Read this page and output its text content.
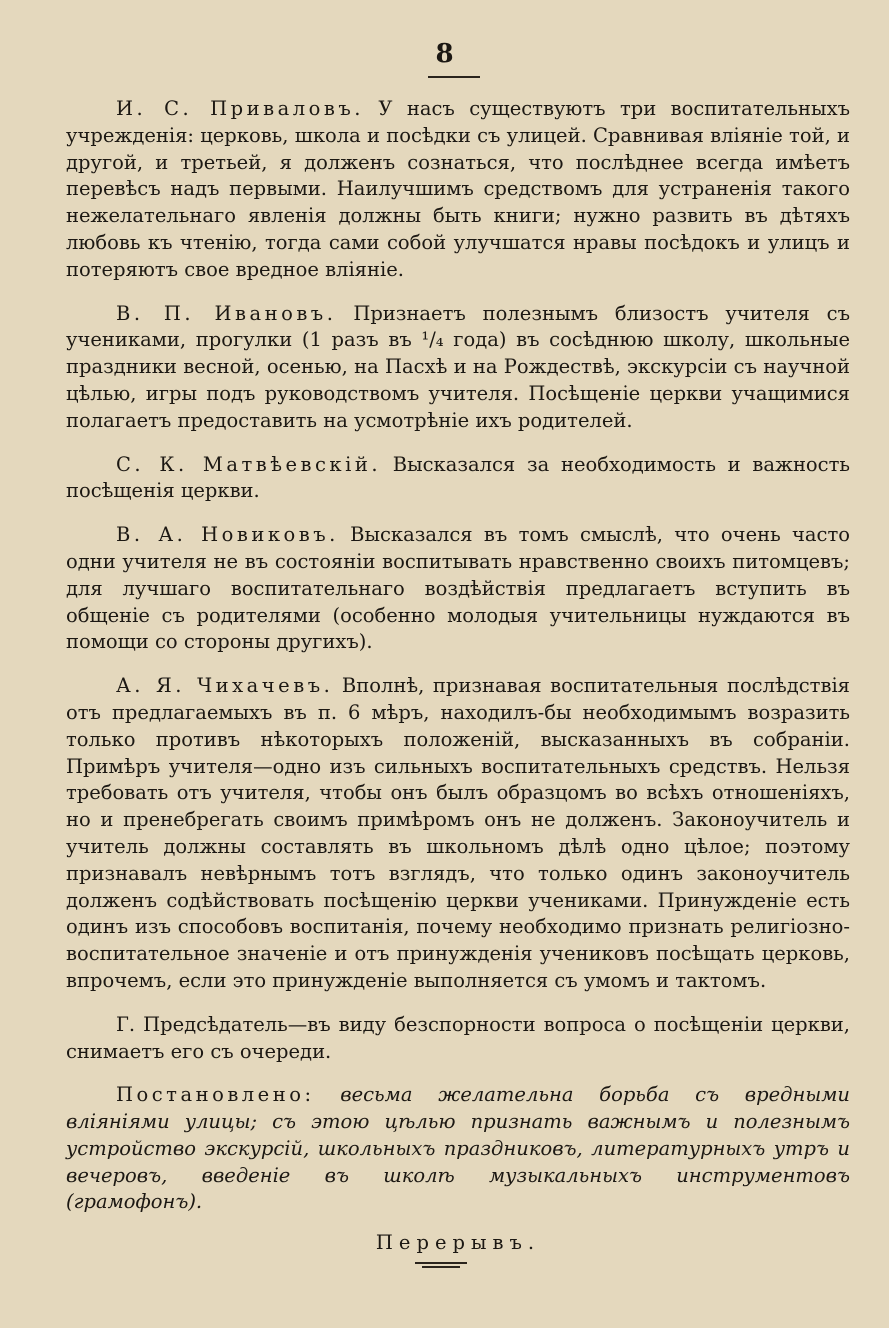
8

И. С. Приваловъ. У насъ существуютъ три воспитательныхъ учрежденія: церковь, школа и посѣдки съ улицей. Сравнивая вліяніе той, и другой, и третьей, я долженъ сознаться, что послѣднее всегда имѣетъ перевѣсъ надъ первыми. Наилучшимъ средствомъ для устраненія такого нежелательнаго явленія должны быть книги; нужно развить въ дѣтяхъ любовь къ чтенію, тогда сами собой улучшатся нравы посѣдокъ и улицъ и потеряютъ свое вредное вліяніе.

В. П. Ивановъ. Признаетъ полезнымъ близостъ учителя съ учениками, прогулки (1 разъ въ ¹/₄ года) въ сосѣднюю школу, школьные праздники весной, осенью, на Пасхѣ и на Рождествѣ, экскурсіи съ научной цѣлью, игры подъ руководствомъ учителя. Посѣщеніе церкви учащимися полагаетъ предоставить на усмотрѣніе ихъ родителей.

С. К. Матвѣевскій. Высказался за необходимость и важность посѣщенія церкви.

В. А. Новиковъ. Высказался въ томъ смыслѣ, что очень часто одни учителя не въ состояніи воспитывать нравственно своихъ питомцевъ; для лучшаго воспитательнаго воздѣйствія предлагаетъ вступить въ общеніе съ родителями (особенно молодыя учительницы нуждаются въ помощи со стороны другихъ).

А. Я. Чихачевъ. Вполнѣ, признавая воспитательныя послѣдствія отъ предлагаемыхъ въ п. 6 мѣръ, находилъ-бы необходимымъ возразить только противъ нѣкоторыхъ положеній, высказанныхъ въ собраніи. Примѣръ учителя—одно изъ сильныхъ воспитательныхъ средствъ. Нельзя требовать отъ учителя, чтобы онъ былъ образцомъ во всѣхъ отношеніяхъ, но и пренебрегать своимъ примѣромъ онъ не долженъ. Законоучитель и учитель должны составлять въ школьномъ дѣлѣ одно цѣлое; поэтому признавалъ невѣрнымъ тотъ взглядъ, что только одинъ законоучитель долженъ содѣйствовать посѣщенію церкви учениками. Принужденіе есть одинъ изъ способовъ воспитанія, почему необходимо признать религіозно-воспитательное значеніе и отъ принужденія учениковъ посѣщать церковь, впрочемъ, если это принужденіе выполняется съ умомъ и тактомъ.

Г. Предсѣдатель—въ виду безспорности вопроса о посѣщеніи церкви, снимаетъ его съ очереди.

Постановлено: весьма желательна борьба съ вредными вліяніями улицы; съ этою цѣлью признать важнымъ и полезнымъ устройство экскурсій, школьныхъ праздниковъ, литературныхъ утръ и вечеровъ, введеніе въ школѣ музыкальныхъ инструментовъ (грамофонъ).

Перерывъ.
